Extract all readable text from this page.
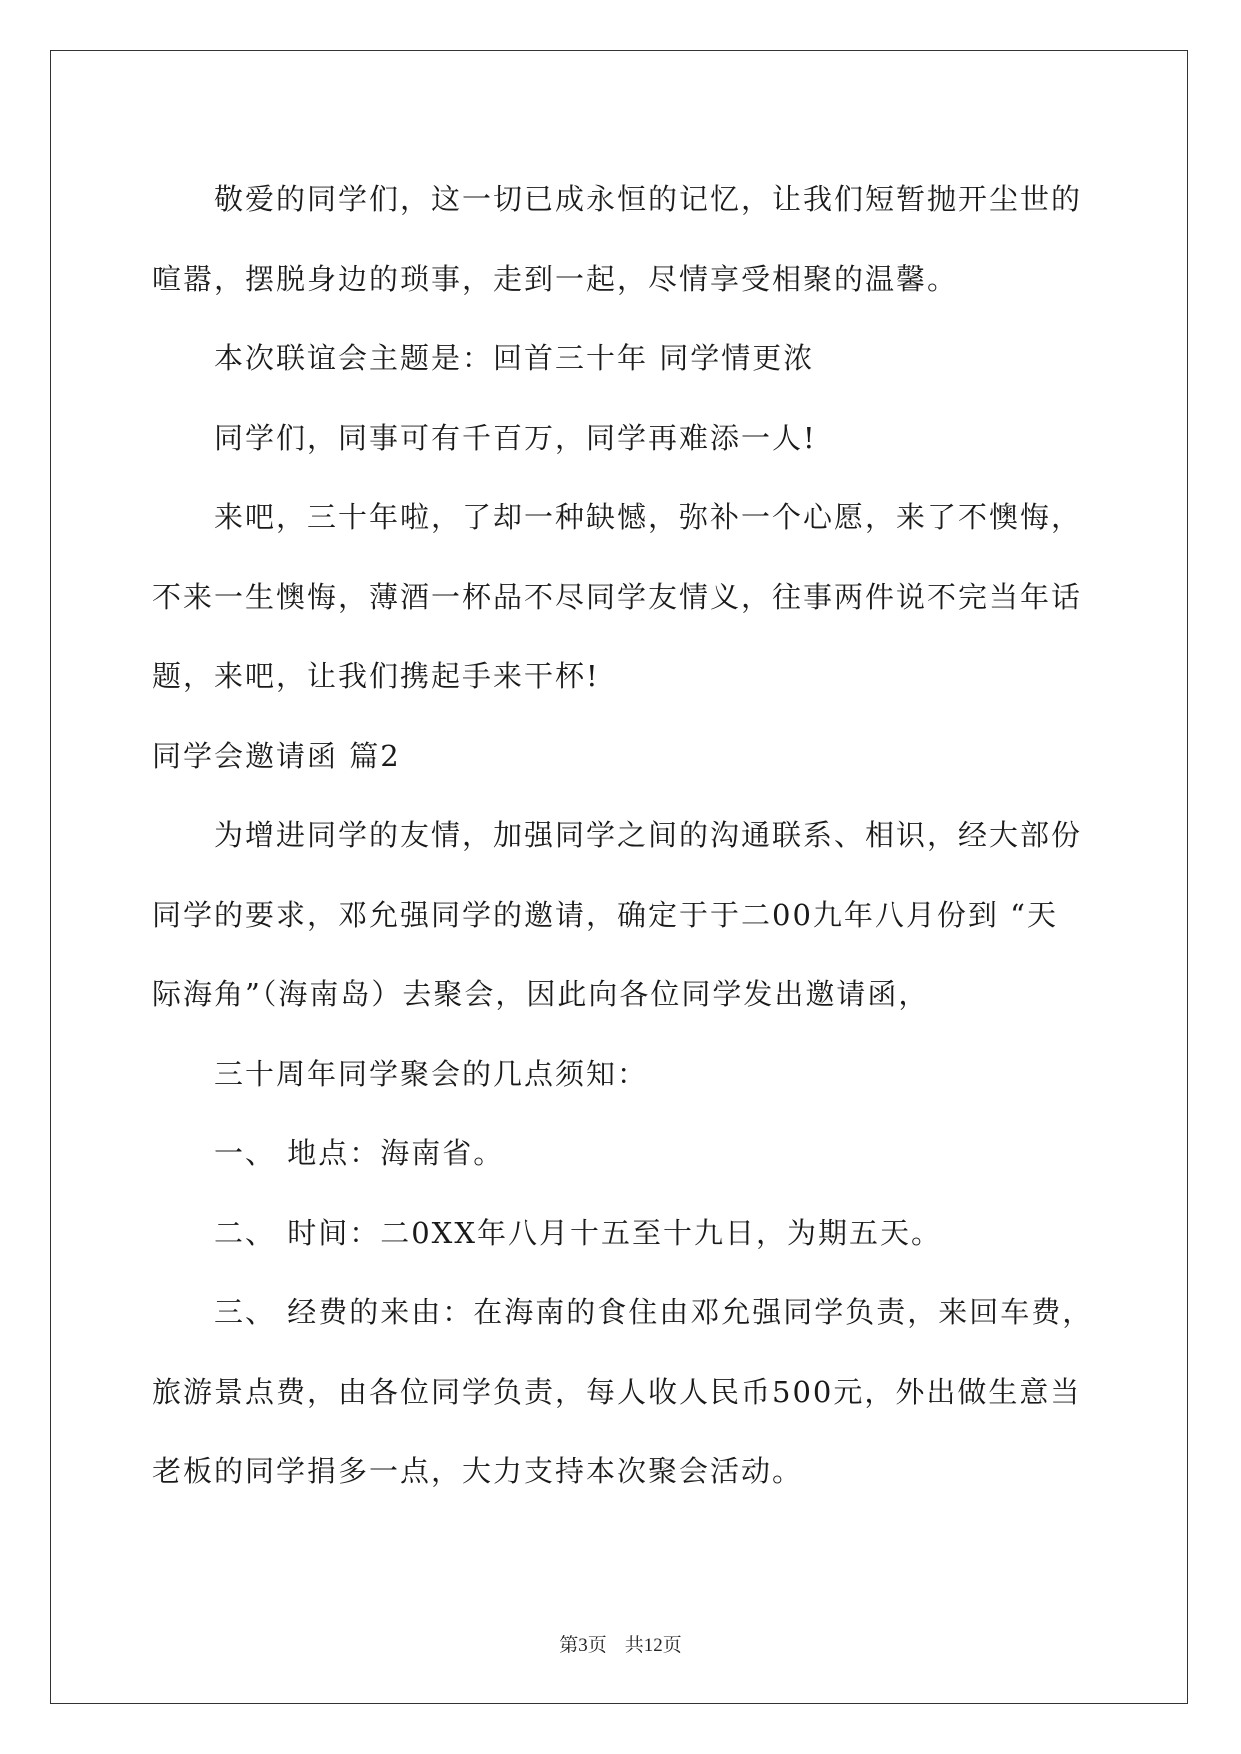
敬爱的同学们，这一切已成永恒的记忆，让我们短暂抛开尘世的
喧嚣，摆脱身边的琐事，走到一起，尽情享受相聚的温馨。
本次联谊会主题是：回首三十年 同学情更浓
同学们，同事可有千百万，同学再难添一人!
来吧，三十年啦，了却一种缺憾，弥补一个心愿，来了不懊悔，
不来一生懊悔，薄酒一杯品不尽同学友情义，往事两件说不完当年话
题，来吧，让我们携起手来干杯!
同学会邀请函 篇2
为增进同学的友情，加强同学之间的沟通联系、相识，经大部份
同学的要求，邓允强同学的邀请，确定于于二00九年八月份到 “天
际海角”（海南岛）去聚会，因此向各位同学发出邀请函，
三十周年同学聚会的几点须知：
一、 地点：海南省。
二、 时间：二0XX年八月十五至十九日，为期五天。
三、 经费的来由：在海南的食住由邓允强同学负责，来回车费，
旅游景点费，由各位同学负责，每人收人民币500元，外出做生意当
老板的同学捐多一点，大力支持本次聚会活动。
第3页 共12页
